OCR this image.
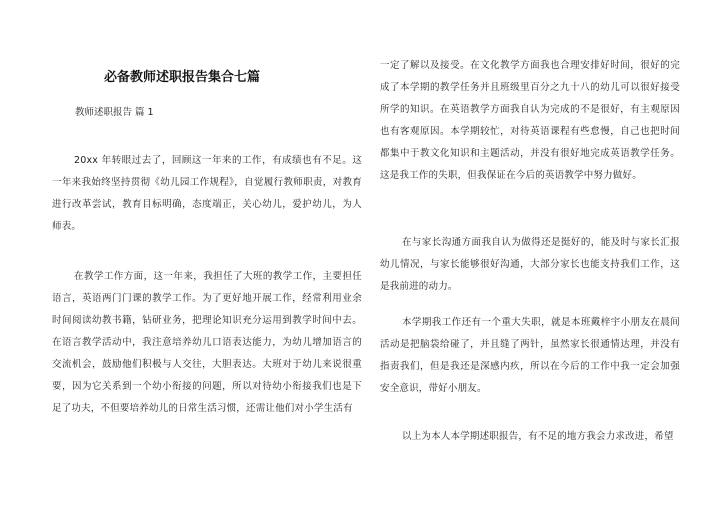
必备教师述职报告集合七篇
教师述职报告 篇 1

20xx 年转眼过去了，回顾这一年来的工作，有成绩也有不足。这一年来我始终坚持贯彻《幼儿园工作规程》，自觉履行教师职责，对教育进行改革尝试，教育目标明确，态度端正，关心幼儿，爱护幼儿，为人师表。

在教学工作方面，这一年来，我担任了大班的教学工作，主要担任语言，英语两门门课的教学工作。为了更好地开展工作，经常利用业余时间阅读幼教书籍，钻研业务，把理论知识充分运用到教学时间中去。在语言教学活动中，我注意培养幼儿口语表达能力，为幼儿增加语言的交流机会，鼓励他们积极与人交往，大胆表达。大班对于幼儿来说很重要，因为它关系到一个幼小衔接的问题，所以对待幼小衔接我们也是下足了功夫，不但要培养幼儿的日常生活习惯，还需让他们对小学生活有

一定了解以及接受。在文化教学方面我也合理安排好时间，很好的完成了本学期的教学任务并且班级里百分之九十八的幼儿可以很好接受所学的知识。在英语教学方面我自认为完成的不是很好，有主观原因也有客观原因。本学期较忙，对待英语课程有些怠慢，自己也把时间都集中于教文化知识和主题活动，并没有很好地完成英语教学任务。这是我工作的失职，但我保证在今后的英语教学中努力做好。

在与家长沟通方面我自认为做得还是挺好的，能及时与家长汇报幼儿情况，与家长能够很好沟通，大部分家长也能支持我们工作，这是我前进的动力。

本学期我工作还有一个重大失职，就是本班戴梓宇小朋友在晨间活动是把脑袋给碰了，并且缝了两针，虽然家长很通情达理，并没有指责我们，但是我还是深感内疚，所以在今后的工作中我一定会加强安全意识，带好小朋友。

以上为本人本学期述职报告，有不足的地方我会力求改进，希望
